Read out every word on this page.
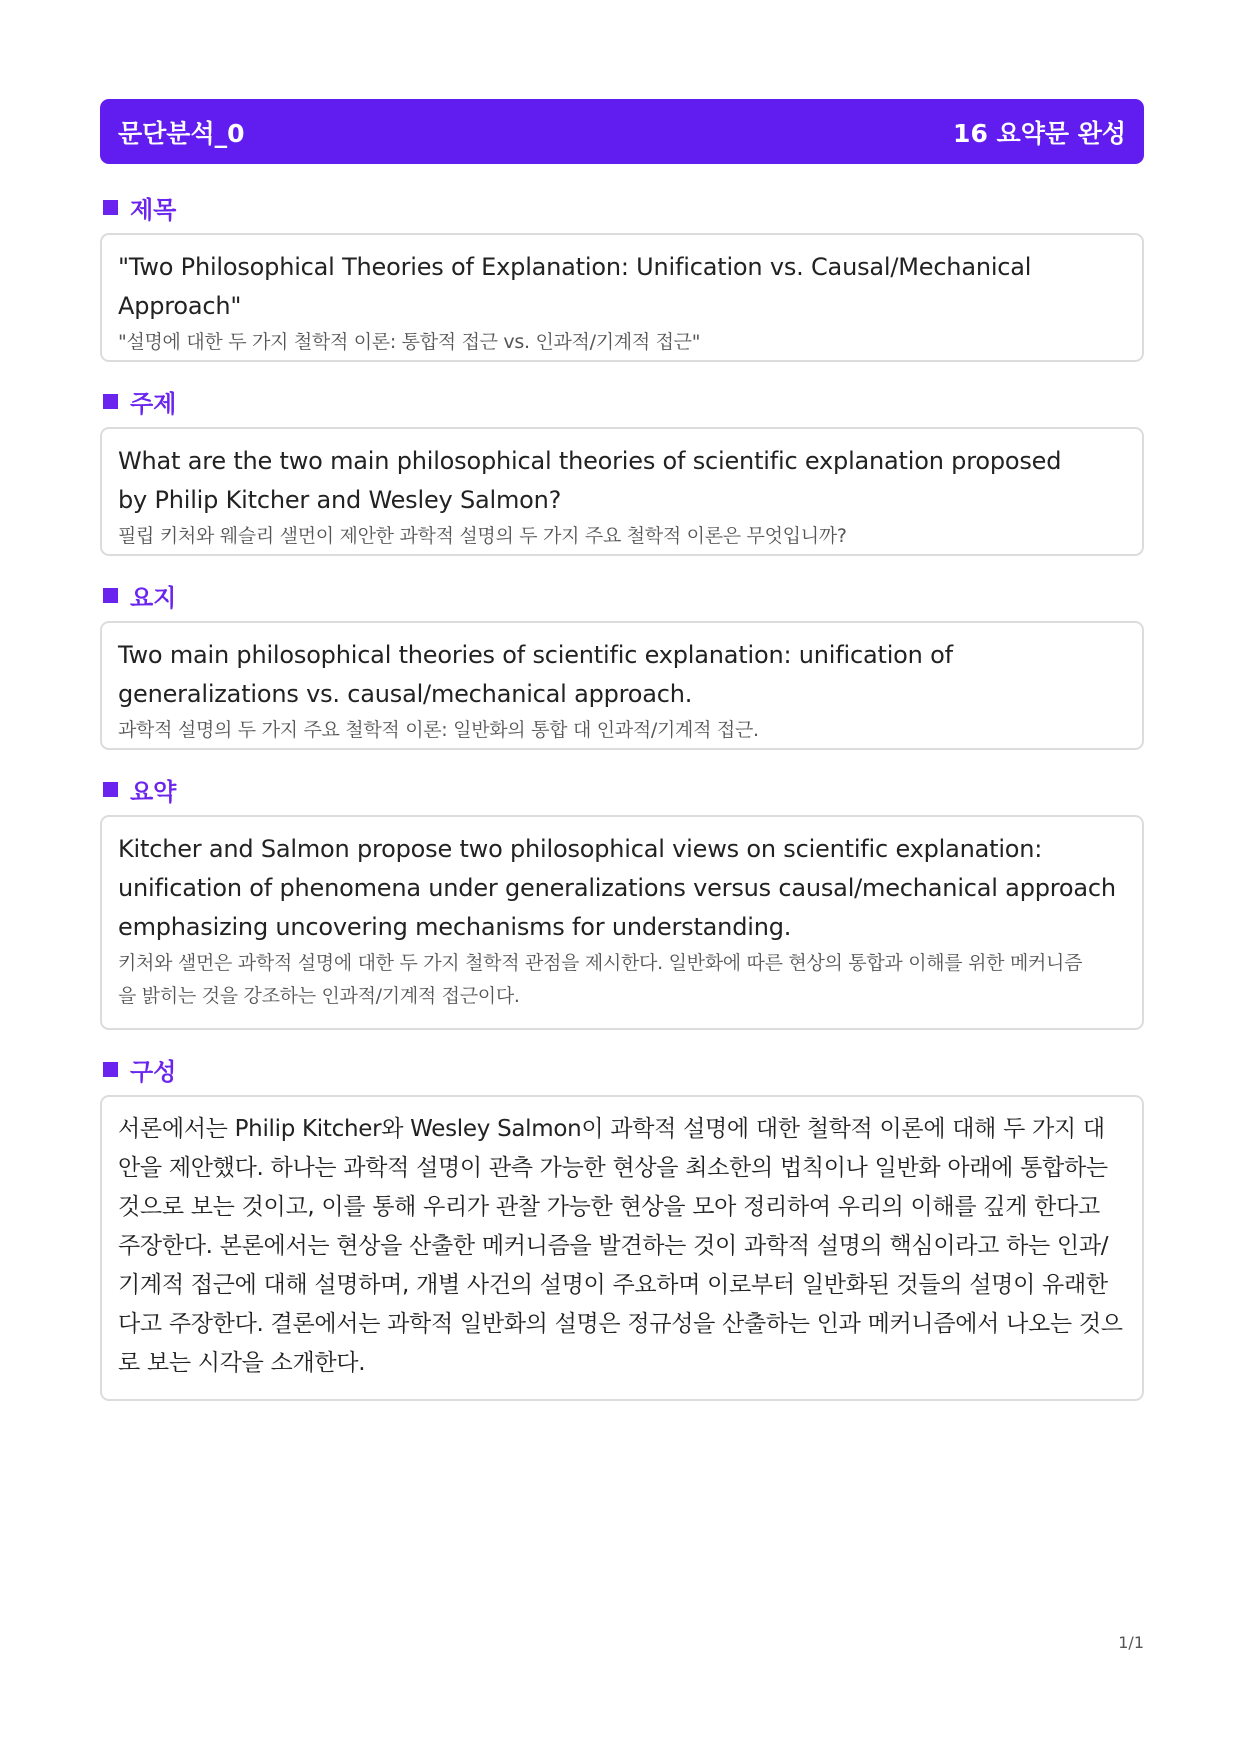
문단분석_0	16 요약문 완성
제목
"Two Philosophical Theories of Explanation: Unification vs. Causal/Mechanical Approach"
"설명에 대한 두 가지 철학적 이론: 통합적 접근 vs. 인과적/기계적 접근"
주제
What are the two main philosophical theories of scientific explanation proposed by Philip Kitcher and Wesley Salmon?
필립 키처와 웨슬리 샐먼이 제안한 과학적 설명의 두 가지 주요 철학적 이론은 무엇입니까?
요지
Two main philosophical theories of scientific explanation: unification of generalizations vs. causal/mechanical approach.
과학적 설명의 두 가지 주요 철학적 이론: 일반화의 통합 대 인과적/기계적 접근.
요약
Kitcher and Salmon propose two philosophical views on scientific explanation: unification of phenomena under generalizations versus causal/mechanical approach emphasizing uncovering mechanisms for understanding.
키처와 샐먼은 과학적 설명에 대한 두 가지 철학적 관점을 제시한다. 일반화에 따른 현상의 통합과 이해를 위한 메커니즘을 밝히는 것을 강조하는 인과적/기계적 접근이다.
구성
서론에서는 Philip Kitcher와 Wesley Salmon이 과학적 설명에 대한 철학적 이론에 대해 두 가지 대안을 제안했다. 하나는 과학적 설명이 관측 가능한 현상을 최소한의 법칙이나 일반화 아래에 통합하는 것으로 보는 것이고, 이를 통해 우리가 관찰 가능한 현상을 모아 정리하여 우리의 이해를 깊게 한다고 주장한다. 본론에서는 현상을 산출한 메커니즘을 발견하는 것이 과학적 설명의 핵심이라고 하는 인과/기계적 접근에 대해 설명하며, 개별 사건의 설명이 주요하며 이로부터 일반화된 것들의 설명이 유래한다고 주장한다. 결론에서는 과학적 일반화의 설명은 정규성을 산출하는 인과 메커니즘에서 나오는 것으로 보는 시각을 소개한다.
1/1
